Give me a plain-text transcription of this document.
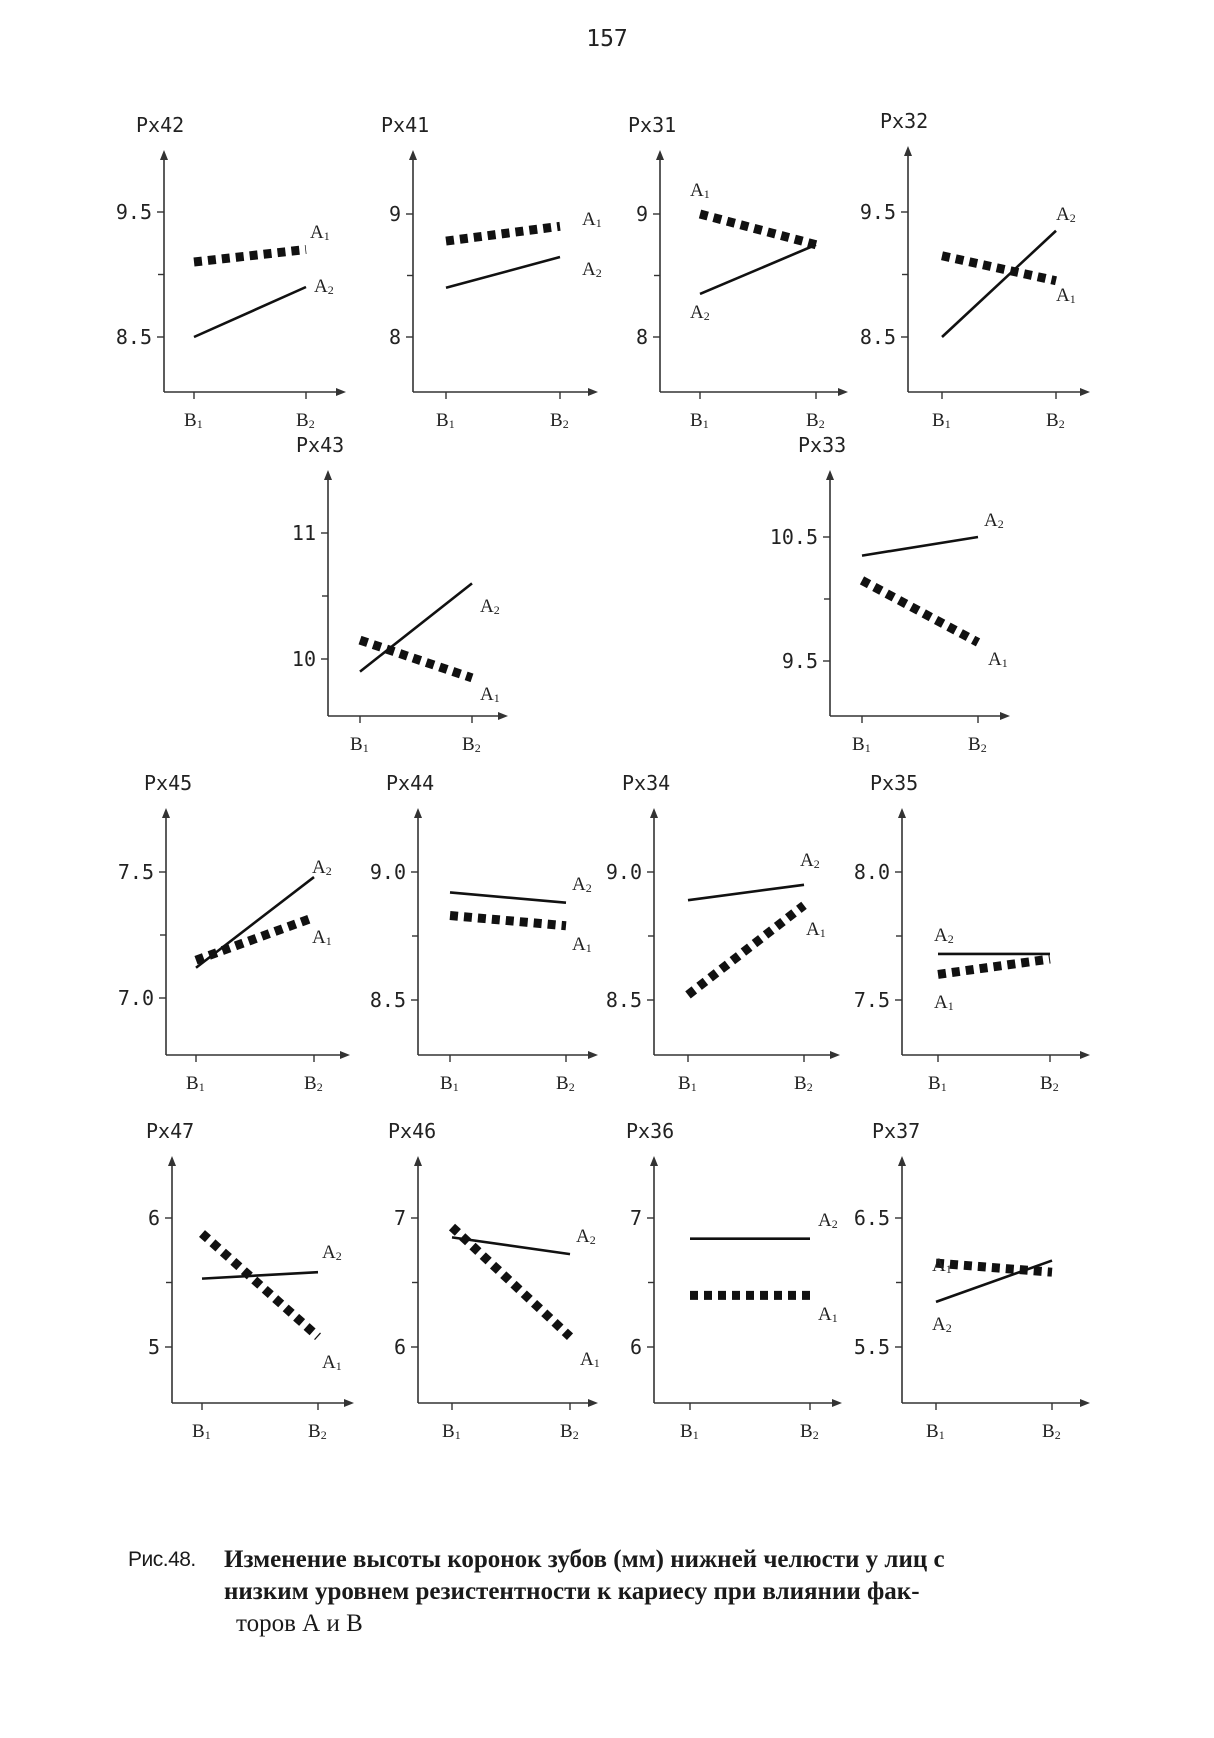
157
Px42
9.5
8.5
B1	B2
A2
A1
Px41
9
8
B1	B2
A2
A1
Px31
9
8
B1	B2
A2
A1
Px32
9.5
8.5
B1	B2
A2
A1
Px43
11
10
B1	B2
A2
A1
Px33
10.5
9.5
B1	B2
A2
A1
Px45
7.5
7.0
B1	B2
A2
A1
Px44
9.0
8.5
B1	B2
A2
A1
Px34
9.0
8.5
B1	B2
A2
A1
Px35
8.0
7.5
B1	B2
A2
A1
Px47
6
5
B1	B2
A2
A1
Px46
7
6
B1	B2
A2
A1
Px36
7
6
B1	B2
A2
A1
Px37
6.5
5.5
B1	B2
A2
A1
Рис.48. Изменение высоты коронок зубов (мм) нижней челюсти у лиц с
низким уровнем резистентности к кариесу при влиянии фак-
торов А и В
